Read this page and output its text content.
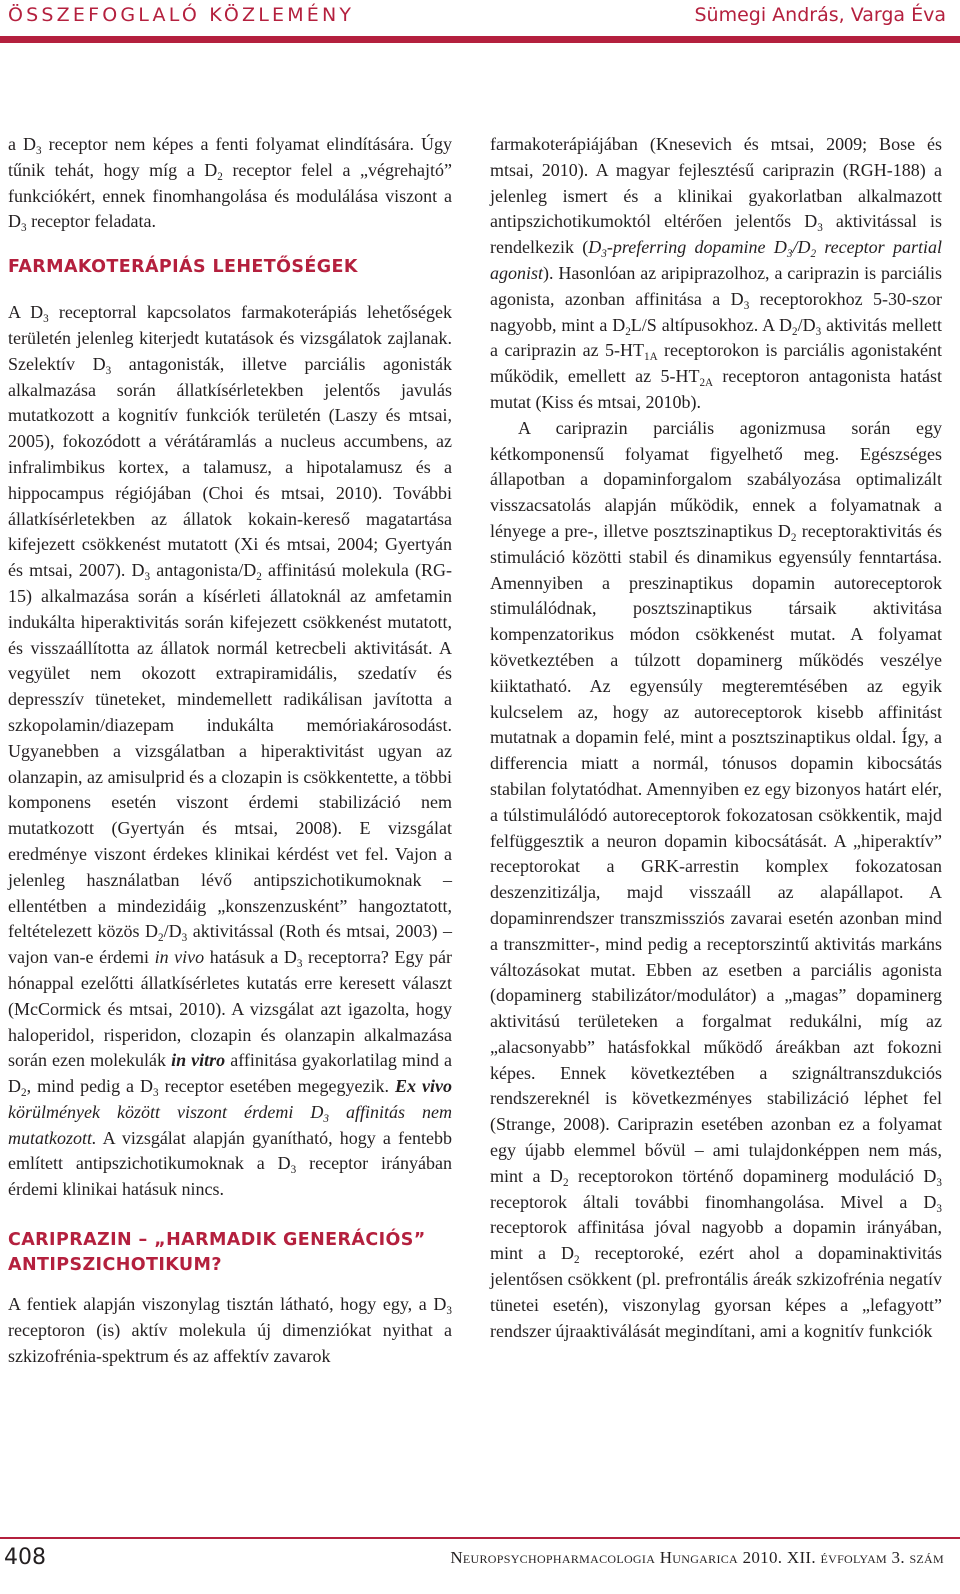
ÖSSZEFOGLALÓ KÖZLEMÉNY	Sümegi András, Varga Éva

a $D_3$ receptor nem képes a fenti folyamat elindítására. Úgy tűnik tehát, hogy míg a $D_2$ receptor felel a „végrehajtó” funkciókért, ennek finomhangolása és modulálása viszont a $D_3$ receptor feladata.

FARMAKOTERÁPIÁS LEHETŐSÉGEK

A $D_3$ receptorral kapcsolatos farmakoterápiás lehetőségek területén jelenleg kiterjedt kutatások és vizsgálatok zajlanak. Szelektív $D_3$ antagonisták, illetve parciális agonisták alkalmazása során állatkísérletekben jelentős javulás mutatkozott a kognitív funkciók területén (Laszy és mtsai, 2005), fokozódott a vérátáramlás a nucleus accumbens, az infralimbikus kortex, a talamusz, a hipotalamusz és a hippocampus régiójában (Choi és mtsai, 2010). További állatkísérletekben az állatok kokain-kereső magatartása kifejezett csökkenést mutatott (Xi és mtsai, 2004; Gyertyán és mtsai, 2007). $D_3$ antagonista/$D_2$ affinitású molekula (RG-15) alkalmazása során a kísérleti állatoknál az amfetamin indukálta hiperaktivitás során kifejezett csökkenést mutatott, és visszaállította az állatok normál ketrecbeli aktivitását. A vegyület nem okozott extrapiramidális, szedatív és depresszív tüneteket, mindemellett radikálisan javította a szkopolamin/diazepam indukálta memóriakárosodást. Ugyanebben a vizsgálatban a hiperaktivitást ugyan az olanzapin, az amisulprid és a clozapin is csökkentette, a többi komponens esetén viszont érdemi stabilizáció nem mutatkozott (Gyertyán és mtsai, 2008). E vizsgálat eredménye viszont érdekes klinikai kérdést vet fel. Vajon a jelenleg használatban lévő antipszichotikumoknak – ellentétben a mindezidáig „konszenzusként” hangoztatott, feltételezett közös $D_2/D_3$ aktivitással (Roth és mtsai, 2003) – vajon van-e érdemi in vivo hatásuk a $D_3$ receptorra? Egy pár hónappal ezelőtti állatkísérletes kutatás erre keresett választ (McCormick és mtsai, 2010). A vizsgálat azt igazolta, hogy haloperidol, risperidon, clozapin és olanzapin alkalmazása során ezen molekulák in vitro affinitása gyakorlatilag mind a $D_2$, mind pedig a $D_3$ receptor esetében megegyezik. Ex vivo körülmények között viszont érdemi $D_3$ affinitás nem mutatkozott. A vizsgálat alapján gyanítható, hogy a fentebb említett antipszichotikumoknak a $D_3$ receptor irányában érdemi klinikai hatásuk nincs.

CARIPRAZIN – „HARMADIK GENERÁCIÓS” ANTIPSZICHOTIKUM?

A fentiek alapján viszonylag tisztán látható, hogy egy, a $D_3$ receptoron (is) aktív molekula új dimenziókat nyithat a szkizofrénia-spektrum és az affektív zavarok

farmakoterápiájában (Knesevich és mtsai, 2009; Bose és mtsai, 2010). A magyar fejlesztésű cariprazin (RGH-188) a jelenleg ismert és a klinikai gyakorlatban alkalmazott antipszichotikumoktól eltérően jelentős $D_3$ aktivitással is rendelkezik ($D_3$-preferring dopamine $D_3/D_2$ receptor partial agonist). Hasonlóan az aripiprazolhoz, a cariprazin is parciális agonista, azonban affinitása a $D_3$ receptorokhoz 5-30-szor nagyobb, mint a $D_2L/S$ altípusokhoz. A $D_2/D_3$ aktivitás mellett a cariprazin az $5-HT_{1A}$ receptorokon is parciális agonistaként működik, emellett az $5-HT_{2A}$ receptoron antagonista hatást mutat (Kiss és mtsai, 2010b).

A cariprazin parciális agonizmusa során egy kétkomponensű folyamat figyelhető meg. Egészséges állapotban a dopaminforgalom szabályozása optimalizált visszacsatolás alapján működik, ennek a folyamatnak a lényege a pre-, illetve posztszinaptikus $D_2$ receptoraktivitás és stimuláció közötti stabil és dinamikus egyensúly fenntartása. Amennyiben a preszinaptikus dopamin autoreceptorok stimulálódnak, posztszinaptikus társaik aktivitása kompenzatorikus módon csökkenést mutat. A folyamat következtében a túlzott dopaminerg működés veszélye kiiktatható. Az egyensúly megteremtésében az egyik kulcselem az, hogy az autoreceptorok kisebb affinitást mutatnak a dopamin felé, mint a posztszinaptikus oldal. Így, a differencia miatt a normál, tónusos dopamin kibocsátás stabilan folytatódhat. Amennyiben ez egy bizonyos határt elér, a túlstimulálódó autoreceptorok fokozatosan csökkentik, majd felfüggesztik a neuron dopamin kibocsátását. A „hiperaktív” receptorokat a GRK-arrestin komplex fokozatosan deszenzitizálja, majd visszaáll az alapállapot. A dopaminrendszer transzmissziós zavarai esetén azonban mind a transzmitter-, mind pedig a receptorszintű aktivitás markáns változásokat mutat. Ebben az esetben a parciális agonista (dopaminerg stabilizátor/modulátor) a „magas” dopaminerg aktivitású területeken a forgalmat redukálni, míg az „alacsonyabb” hatásfokkal működő áreákban azt fokozni képes. Ennek következtében a szignáltranszdukciós rendszereknél is következményes stabilizáció léphet fel (Strange, 2008). Cariprazin esetében azonban ez a folyamat egy újabb elemmel bővül – ami tulajdonképpen nem más, mint a $D_2$ receptorokon történő dopaminerg moduláció $D_3$ receptorok általi további finomhangolása. Mivel a $D_3$ receptorok affinitása jóval nagyobb a dopamin irányában, mint a $D_2$ receptoroké, ezért ahol a dopaminaktivitás jelentősen csökkent (pl. prefrontális áreák szkizofrénia negatív tünetei esetén), viszonylag gyorsan képes a „lefagyott” rendszer újraaktiválását megindítani, ami a kognitív funkciók

408	Neuropsychopharmacologia Hungarica 2010. XII. évfolyam 3. szám
